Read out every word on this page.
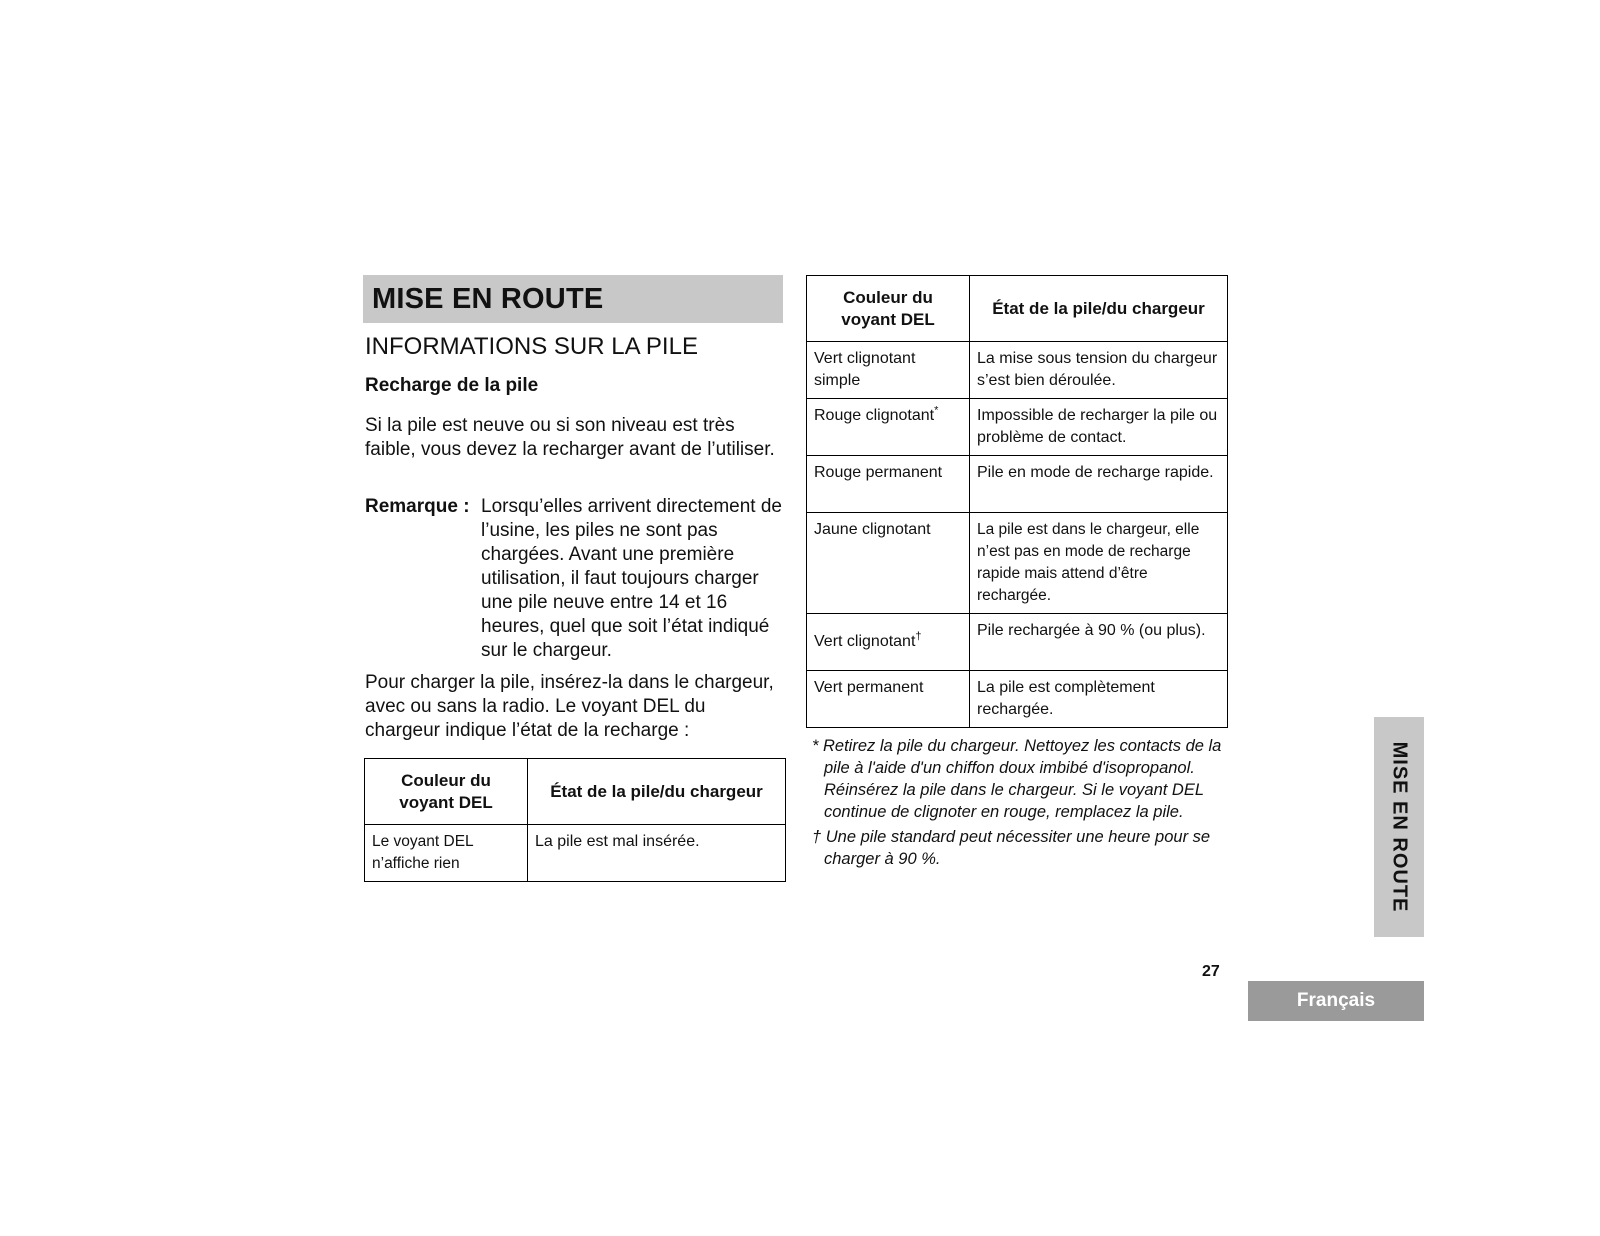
MISE EN ROUTE
INFORMATIONS SUR LA PILE
Recharge de la pile
Si la pile est neuve ou si son niveau est très faible, vous devez la recharger avant de l’utiliser.
Remarque : Lorsqu’elles arrivent directement de l’usine, les piles ne sont pas chargées. Avant une première utilisation, il faut toujours charger une pile neuve entre 14 et 16 heures, quel que soit l’état indiqué sur le chargeur.
Pour charger la pile, insérez-la dans le chargeur, avec ou sans la radio. Le voyant DEL du chargeur indique l’état de la recharge :
Couleur du voyant DEL	État de la pile/du chargeur
Le voyant DEL n’affiche rien	La pile est mal insérée.
Couleur du voyant DEL	État de la pile/du chargeur
Vert clignotant simple	La mise sous tension du chargeur s’est bien déroulée.
Rouge clignotant*	Impossible de recharger la pile ou problème de contact.
Rouge permanent	Pile en mode de recharge rapide.
Jaune clignotant	La pile est dans le chargeur, elle n’est pas en mode de recharge rapide mais attend d’être rechargée.
Vert clignotant†	Pile rechargée à 90 % (ou plus).
Vert permanent	La pile est complètement rechargée.

* Retirez la pile du chargeur. Nettoyez les contacts de la pile à l'aide d'un chiffon doux imbibé d'isopropanol. Réinsérez la pile dans le chargeur. Si le voyant DEL continue de clignoter en rouge, remplacez la pile.

† Une pile standard peut nécessiter une heure pour se charger à 90 %.	MISE EN ROUTE
27
Français
